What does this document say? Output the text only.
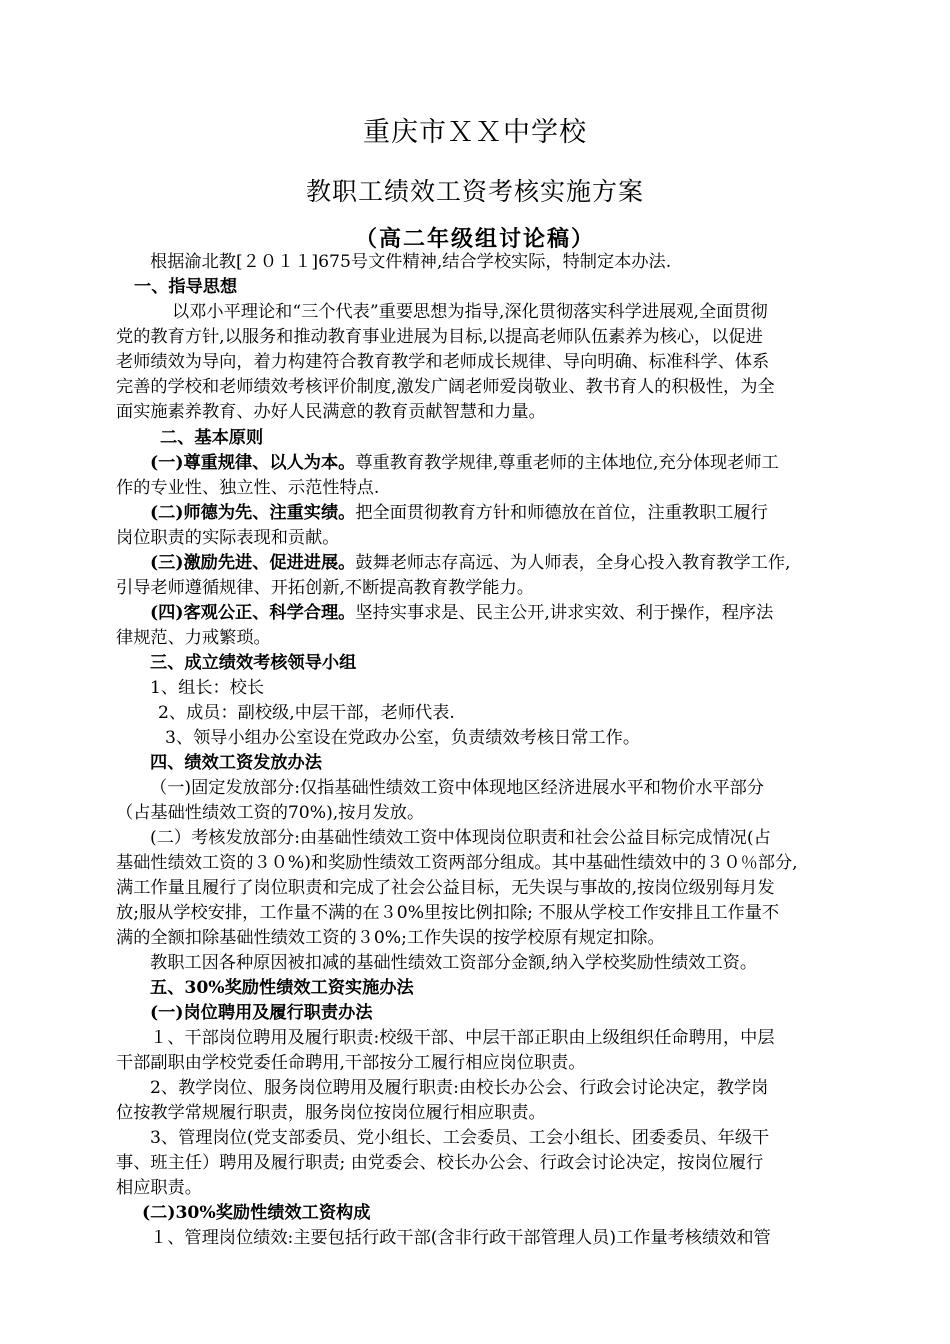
重庆市ＸＸ中学校
教职工绩效工资考核实施方案
（高二年级组讨论稿）
根据渝北教[２０１１]675号文件精神,结合学校实际，特制定本办法.
一、指导思想
以邓小平理论和“三个代表”重要思想为指导,深化贯彻落实科学进展观,全面贯彻
党的教育方针,以服务和推动教育事业进展为目标,以提高老师队伍素养为核心，以促进
老师绩效为导向，着力构建符合教育教学和老师成长规律、导向明确、标准科学、体系
完善的学校和老师绩效考核评价制度,激发广阔老师爱岗敬业、教书育人的积极性，为全
面实施素养教育、办好人民满意的教育贡献智慧和力量。
二、基本原则
(一)尊重规律、以人为本。尊重教育教学规律,尊重老师的主体地位,充分体现老师工
作的专业性、独立性、示范性特点.
(二)师德为先、注重实绩。把全面贯彻教育方针和师德放在首位，注重教职工履行
岗位职责的实际表现和贡献。
(三)激励先进、促进进展。鼓舞老师志存高远、为人师表，全身心投入教育教学工作,
引导老师遵循规律、开拓创新,不断提高教育教学能力。
(四)客观公正、科学合理。坚持实事求是、民主公开,讲求实效、利于操作，程序法
律规范、力戒繁琐。
三、成立绩效考核领导小组
1、组长：校长
2、成员：副校级,中层干部，老师代表.
3、领导小组办公室设在党政办公室，负责绩效考核日常工作。
四、绩效工资发放办法
（一)固定发放部分:仅指基础性绩效工资中体现地区经济进展水平和物价水平部分
（占基础性绩效工资的70%),按月发放。
(二）考核发放部分:由基础性绩效工资中体现岗位职责和社会公益目标完成情况(占
基础性绩效工资的３０%)和奖励性绩效工资两部分组成。其中基础性绩效中的３０％部分,
满工作量且履行了岗位职责和完成了社会公益目标，无失误与事故的,按岗位级别每月发
放;服从学校安排，工作量不满的在３0%里按比例扣除; 不服从学校工作安排且工作量不
满的全额扣除基础性绩效工资的３0%;工作失误的按学校原有规定扣除。
教职工因各种原因被扣减的基础性绩效工资部分金额,纳入学校奖励性绩效工资。
五、30%奖励性绩效工资实施办法
(一)岗位聘用及履行职责办法
１、干部岗位聘用及履行职责:校级干部、中层干部正职由上级组织任命聘用，中层
干部副职由学校党委任命聘用,干部按分工履行相应岗位职责。
2、教学岗位、服务岗位聘用及履行职责:由校长办公会、行政会讨论决定，教学岗
位按教学常规履行职责，服务岗位按岗位履行相应职责。
3、管理岗位(党支部委员、党小组长、工会委员、工会小组长、团委委员、年级干
事、班主任）聘用及履行职责; 由党委会、校长办公会、行政会讨论决定，按岗位履行
相应职责。
(二)30%奖励性绩效工资构成
１、管理岗位绩效:主要包括行政干部(含非行政干部管理人员)工作量考核绩效和管
